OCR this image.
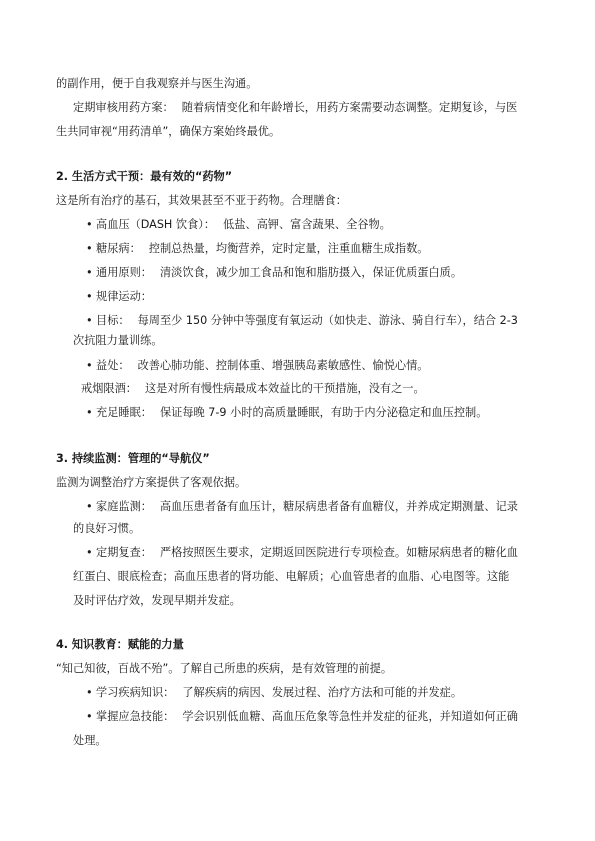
的副作用，便于自我观察并与医生沟通。
定期审核用药方案： 随着病情变化和年龄增长，用药方案需要动态调整。定期复诊，与医
生共同审视“用药清单”，确保方案始终最优。
2. 生活方式干预：最有效的“药物”
这是所有治疗的基石，其效果甚至不亚于药物。合理膳食：
• 高血压（DASH 饮食）： 低盐、高钾、富含蔬果、全谷物。
• 糖尿病： 控制总热量，均衡营养，定时定量，注重血糖生成指数。
• 通用原则： 清淡饮食，减少加工食品和饱和脂肪摄入，保证优质蛋白质。
• 规律运动：
• 目标： 每周至少 150 分钟中等强度有氧运动（如快走、游泳、骑自行车），结合 2-3
次抗阻力量训练。
• 益处： 改善心肺功能、控制体重、增强胰岛素敏感性、愉悦心情。
戒烟限酒： 这是对所有慢性病最成本效益比的干预措施，没有之一。
• 充足睡眠： 保证每晚 7-9 小时的高质量睡眠，有助于内分泌稳定和血压控制。
3. 持续监测：管理的“导航仪”
监测为调整治疗方案提供了客观依据。
• 家庭监测： 高血压患者备有血压计，糖尿病患者备有血糖仪，并养成定期测量、记录
的良好习惯。
• 定期复查： 严格按照医生要求，定期返回医院进行专项检查。如糖尿病患者的糖化血
红蛋白、眼底检查；高血压患者的肾功能、电解质；心血管患者的血脂、心电图等。这能
及时评估疗效，发现早期并发症。
4. 知识教育：赋能的力量
“知己知彼，百战不殆”。了解自己所患的疾病，是有效管理的前提。
• 学习疾病知识： 了解疾病的病因、发展过程、治疗方法和可能的并发症。
• 掌握应急技能： 学会识别低血糖、高血压危象等急性并发症的征兆，并知道如何正确
处理。
